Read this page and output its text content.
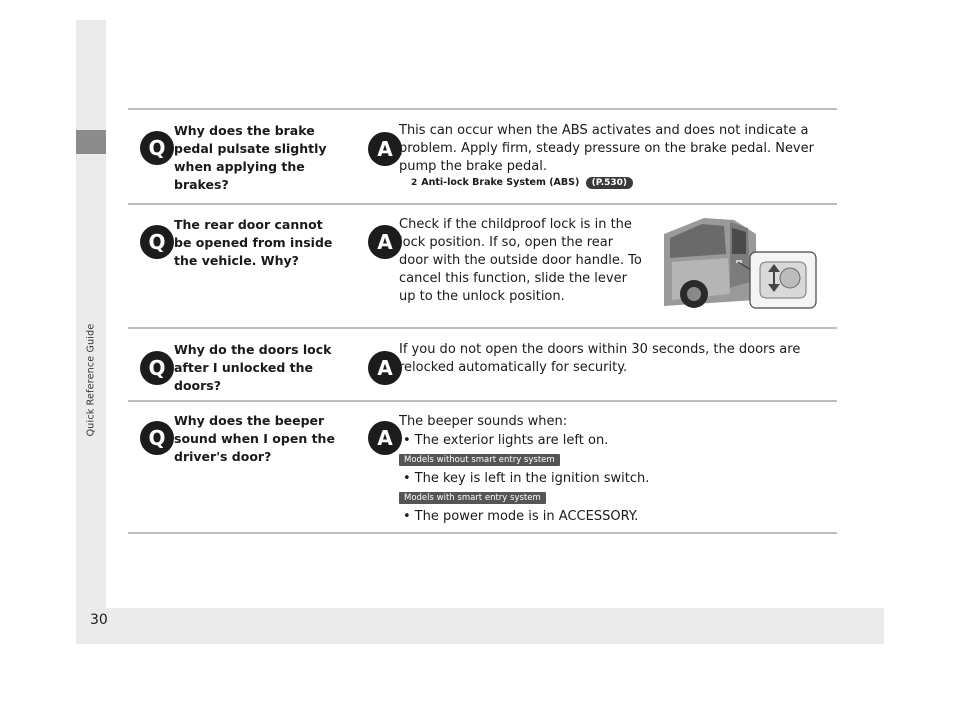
Quick Reference Guide
30
Q
Why does the brake pedal pulsate slightly when applying the brakes?
A
This can occur when the ABS activates and does not indicate a problem. Apply firm, steady pressure on the brake pedal. Never pump the brake pedal.
2 Anti-lock Brake System (ABS) (P.530)
Q
The rear door cannot be opened from inside the vehicle. Why?
A
Check if the childproof lock is in the lock position. If so, open the rear door with the outside door handle. To cancel this function, slide the lever up to the unlock position.
Q
Why do the doors lock after I unlocked the doors?
A
If you do not open the doors within 30 seconds, the doors are relocked automatically for security.
Q
Why does the beeper sound when I open the driver's door?
A
The beeper sounds when:
• The exterior lights are left on.
Models without smart entry system
• The key is left in the ignition switch.
Models with smart entry system
• The power mode is in ACCESSORY.
